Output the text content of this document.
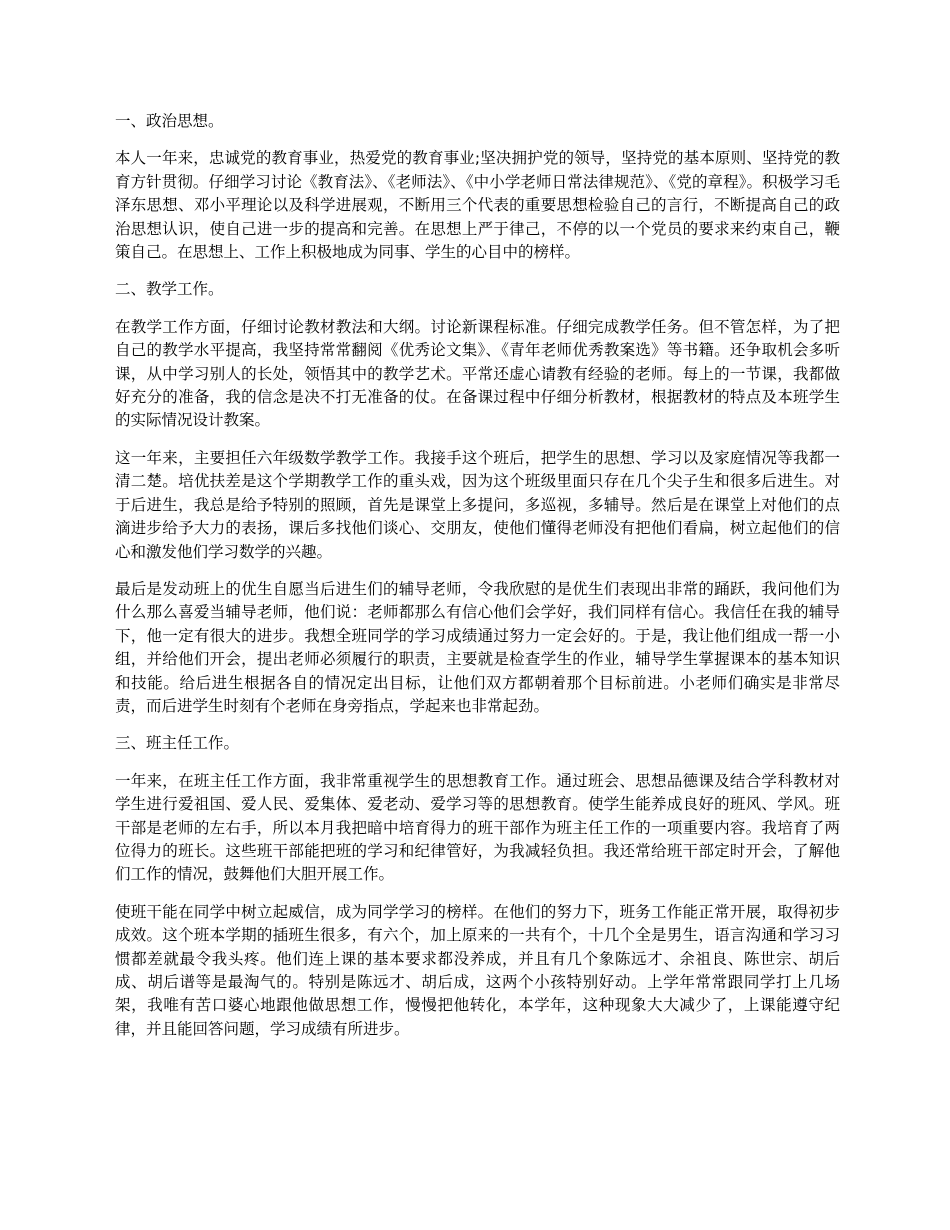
一、政治思想。

本人一年来，忠诚党的教育事业，热爱党的教育事业;坚决拥护党的领导，坚持党的基本原则、坚持党的教育方针贯彻。仔细学习讨论《教育法》、《老师法》、《中小学老师日常法律规范》、《党的章程》。积极学习毛泽东思想、邓小平理论以及科学进展观，不断用三个代表的重要思想检验自己的言行，不断提高自己的政治思想认识，使自己进一步的提高和完善。在思想上严于律己，不停的以一个党员的要求来约束自己，鞭策自己。在思想上、工作上积极地成为同事、学生的心目中的榜样。

二、教学工作。

在教学工作方面，仔细讨论教材教法和大纲。讨论新课程标准。仔细完成教学任务。但不管怎样，为了把自己的教学水平提高，我坚持常常翻阅《优秀论文集》、《青年老师优秀教案选》等书籍。还争取机会多听课，从中学习别人的长处，领悟其中的教学艺术。平常还虚心请教有经验的老师。每上的一节课，我都做好充分的准备，我的信念是决不打无准备的仗。在备课过程中仔细分析教材，根据教材的特点及本班学生的实际情况设计教案。

这一年来，主要担任六年级数学教学工作。我接手这个班后，把学生的思想、学习以及家庭情况等我都一清二楚。培优扶差是这个学期教学工作的重头戏，因为这个班级里面只存在几个尖子生和很多后进生。对于后进生，我总是给予特别的照顾，首先是课堂上多提问，多巡视，多辅导。然后是在课堂上对他们的点滴进步给予大力的表扬，课后多找他们谈心、交朋友，使他们懂得老师没有把他们看扁，树立起他们的信心和激发他们学习数学的兴趣。

最后是发动班上的优生自愿当后进生们的辅导老师，令我欣慰的是优生们表现出非常的踊跃，我问他们为什么那么喜爱当辅导老师，他们说：老师都那么有信心他们会学好，我们同样有信心。我信任在我的辅导下，他一定有很大的进步。我想全班同学的学习成绩通过努力一定会好的。于是，我让他们组成一帮一小组，并给他们开会，提出老师必须履行的职责，主要就是检查学生的作业，辅导学生掌握课本的基本知识和技能。给后进生根据各自的情况定出目标，让他们双方都朝着那个目标前进。小老师们确实是非常尽责，而后进学生时刻有个老师在身旁指点，学起来也非常起劲。

三、班主任工作。

一年来，在班主任工作方面，我非常重视学生的思想教育工作。通过班会、思想品德课及结合学科教材对学生进行爱祖国、爱人民、爱集体、爱老动、爱学习等的思想教育。使学生能养成良好的班风、学风。班干部是老师的左右手，所以本月我把暗中培育得力的班干部作为班主任工作的一项重要内容。我培育了两位得力的班长。这些班干部能把班的学习和纪律管好，为我减轻负担。我还常给班干部定时开会，了解他们工作的情况，鼓舞他们大胆开展工作。

使班干能在同学中树立起威信，成为同学学习的榜样。在他们的努力下，班务工作能正常开展，取得初步成效。这个班本学期的插班生很多，有六个，加上原来的一共有个，十几个全是男生，语言沟通和学习习惯都差就最令我头疼。他们连上课的基本要求都没养成，并且有几个象陈远才、余祖良、陈世宗、胡后成、胡后谱等是最淘气的。特别是陈远才、胡后成，这两个小孩特别好动。上学年常常跟同学打上几场架，我唯有苦口婆心地跟他做思想工作，慢慢把他转化，本学年，这种现象大大减少了，上课能遵守纪律，并且能回答问题，学习成绩有所进步。
